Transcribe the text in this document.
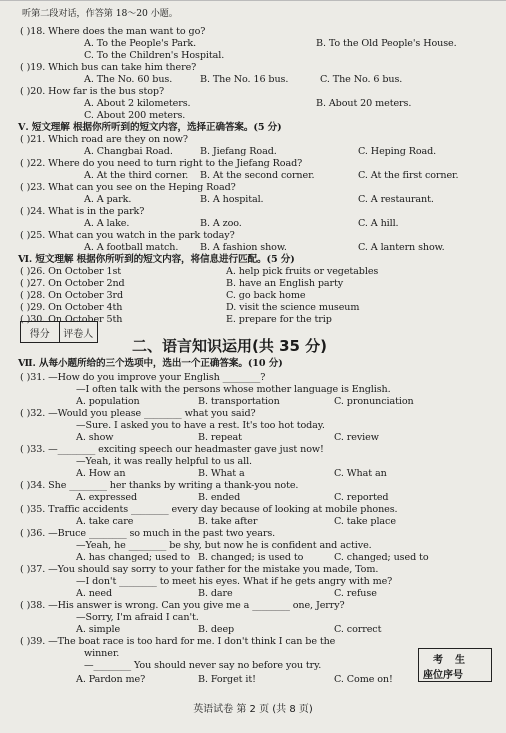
听第二段对话，作答第 18～20 小题。
( )18. Where does the man want to go?
A. To the People's Park.	B. To the Old People's House.
C. To the Children's Hospital.
( )19. Which bus can take him there?
A. The No. 60 bus.	B. The No. 16 bus.	C. The No. 6 bus.
( )20. How far is the bus stop?
A. About 2 kilometers.	B. About 20 meters.
C. About 200 meters.
Ⅴ. 短文理解 根据你所听到的短文内容，选择正确答案。(5 分)
( )21. Which road are they on now?
A. Changbai Road.	B. Jiefang Road.	C. Heping Road.
( )22. Where do you need to turn right to the Jiefang Road?
A. At the third corner. B. At the second corner.	C. At the first corner.
( )23. What can you see on the Heping Road?
A. A park.	B. A hospital.	C. A restaurant.
( )24. What is in the park?
A. A lake.	B. A zoo.	C. A hill.
( )25. What can you watch in the park today?
A. A football match. B. A fashion show.	C. A lantern show.
Ⅵ. 短文理解 根据你所听到的短文内容，将信息进行匹配。(5 分)
( )26. On October 1st	A. help pick fruits or vegetables
( )27. On October 2nd	B. have an English party
( )28. On October 3rd	C. go back home
( )29. On October 4th	D. visit the science museum
( )30. On October 5th	E. prepare for the trip
得分	评卷人
二、语言知识运用(共 35 分)
Ⅶ. 从每小题所给的三个选项中，选出一个正确答案。(10 分)
( )31. —How do you improve your English ________?
—I often talk with the persons whose mother language is English.
A. population	B. transportation	C. pronunciation
( )32. —Would you please ________ what you said?
—Sure. I asked you to have a rest. It's too hot today.
A. show	B. repeat	C. review
( )33. —________ exciting speech our headmaster gave just now!
—Yeah, it was really helpful to us all.
A. How an	B. What a	C. What an
( )34. She ________ her thanks by writing a thank-you note.
A. expressed	B. ended	C. reported
( )35. Traffic accidents ________ every day because of looking at mobile phones.
A. take care	B. take after	C. take place
( )36. —Bruce ________ so much in the past two years.
—Yeah, he ________ be shy, but now he is confident and active.
A. has changed; used to B. changed; is used to	C. changed; used to
( )37. —You should say sorry to your father for the mistake you made, Tom.
—I don't ________ to meet his eyes. What if he gets angry with me?
A. need	B. dare	C. refuse
( )38. —His answer is wrong. Can you give me a ________ one, Jerry?
—Sorry, I'm afraid I can't.
A. simple	B. deep	C. correct
( )39. —The boat race is too hard for me. I don't think I can be the
winner.
—________ You should never say no before you try.
A. Pardon me?	B. Forget it!	C. Come on!
考生
座位序号
英语试卷 第 2 页 (共 8 页)
